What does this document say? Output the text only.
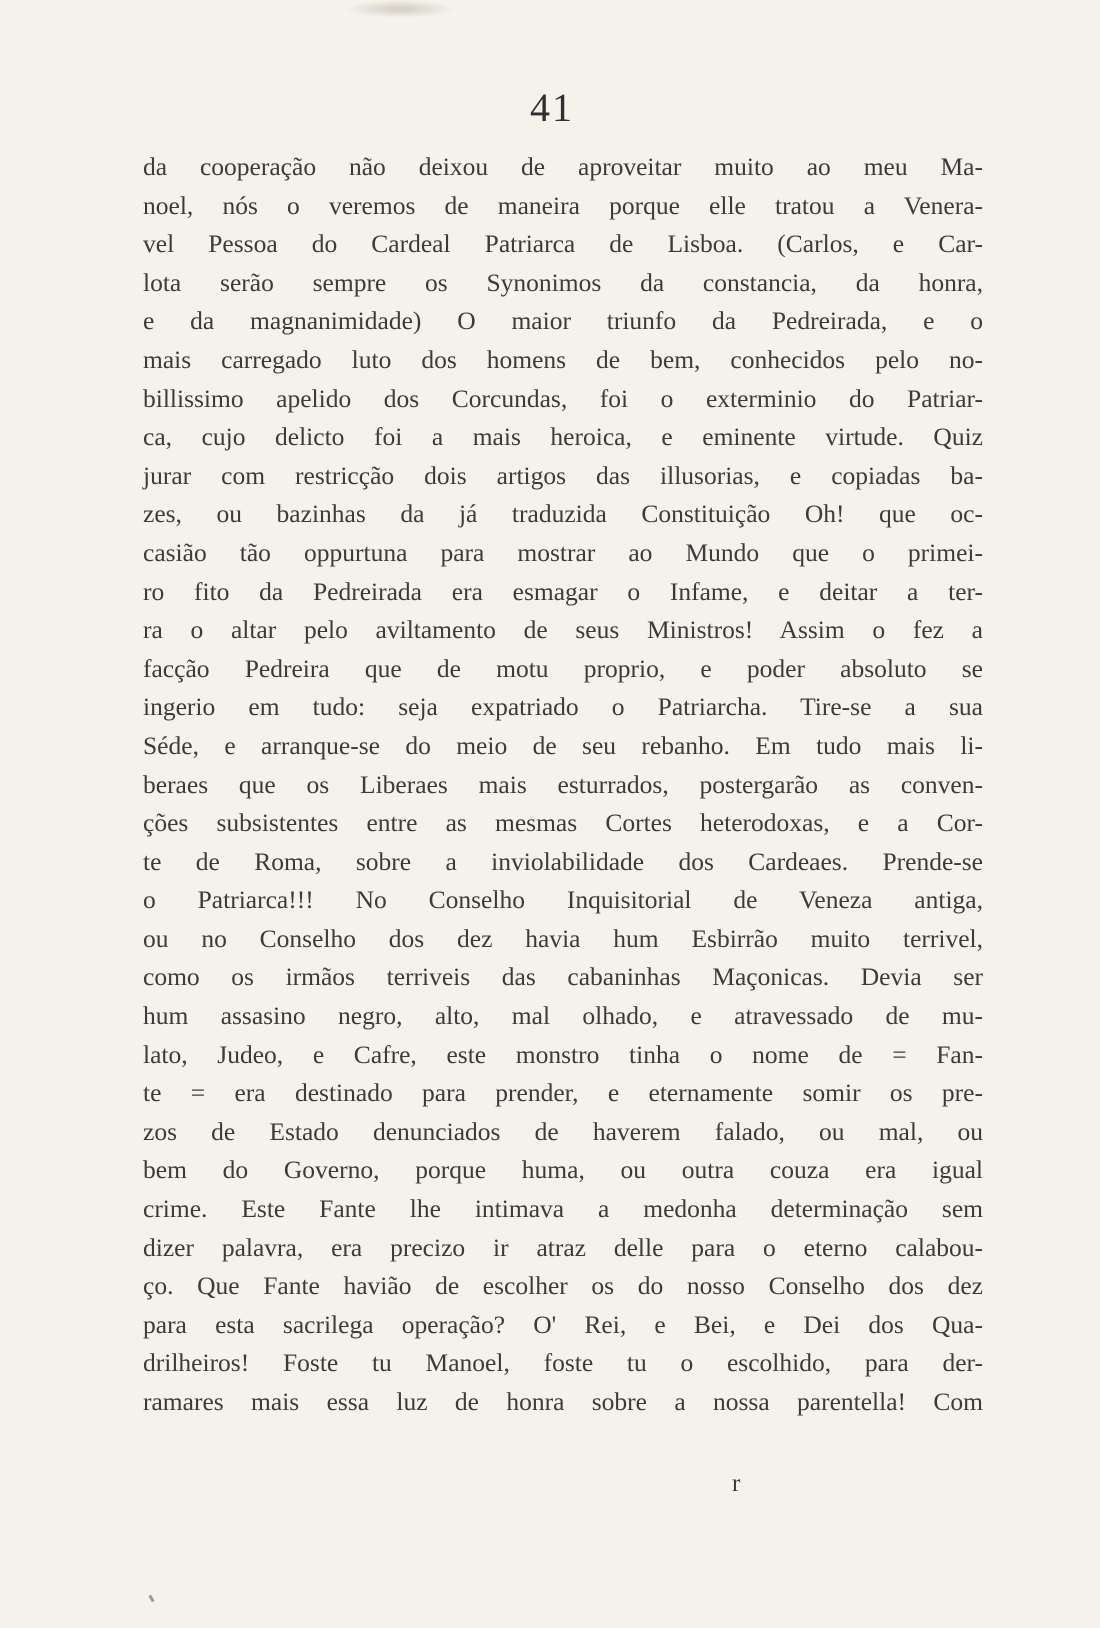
41
da cooperação não deixou de aproveitar muito ao meu Ma-
noel, nós o veremos de maneira porque elle tratou a Venera-
vel Pessoa do Cardeal Patriarca de Lisboa. (Carlos, e Car-
lota serão sempre os Synonimos da constancia, da honra,
e da magnanimidade) O maior triunfo da Pedreirada, e o
mais carregado luto dos homens de bem, conhecidos pelo no-
billissimo apelido dos Corcundas, foi o exterminio do Patriar-
ca, cujo delicto foi a mais heroica, e eminente virtude. Quiz
jurar com restricção dois artigos das illusorias, e copiadas ba-
zes, ou bazinhas da já traduzida Constituição Oh! que oc-
casião tão oppurtuna para mostrar ao Mundo que o primei-
ro fito da Pedreirada era esmagar o Infame, e deitar a ter-
ra o altar pelo aviltamento de seus Ministros! Assim o fez a
facção Pedreira que de motu proprio, e poder absoluto se
ingerio em tudo: seja expatriado o Patriarcha. Tire-se a sua
Séde, e arranque-se do meio de seu rebanho. Em tudo mais li-
beraes que os Liberaes mais esturrados, postergarão as conven-
ções subsistentes entre as mesmas Cortes heterodoxas, e a Cor-
te de Roma, sobre a inviolabilidade dos Cardeaes. Prende-se
o Patriarca!!! No Conselho Inquisitorial de Veneza antiga,
ou no Conselho dos dez havia hum Esbirrão muito terrivel,
como os irmãos terriveis das cabaninhas Maçonicas. Devia ser
hum assasino negro, alto, mal olhado, e atravessado de mu-
lato, Judeo, e Cafre, este monstro tinha o nome de = Fan-
te = era destinado para prender, e eternamente somir os pre-
zos de Estado denunciados de haverem falado, ou mal, ou
bem do Governo, porque huma, ou outra couza era igual
crime. Este Fante lhe intimava a medonha determinação sem
dizer palavra, era precizo ir atraz delle para o eterno calabou-
ço. Que Fante havião de escolher os do nosso Conselho dos dez
para esta sacrilega operação? O' Rei, e Bei, e Dei dos Qua-
drilheiros! Foste tu Manoel, foste tu o escolhido, para der-
ramares mais essa luz de honra sobre a nossa parentella! Com
r
